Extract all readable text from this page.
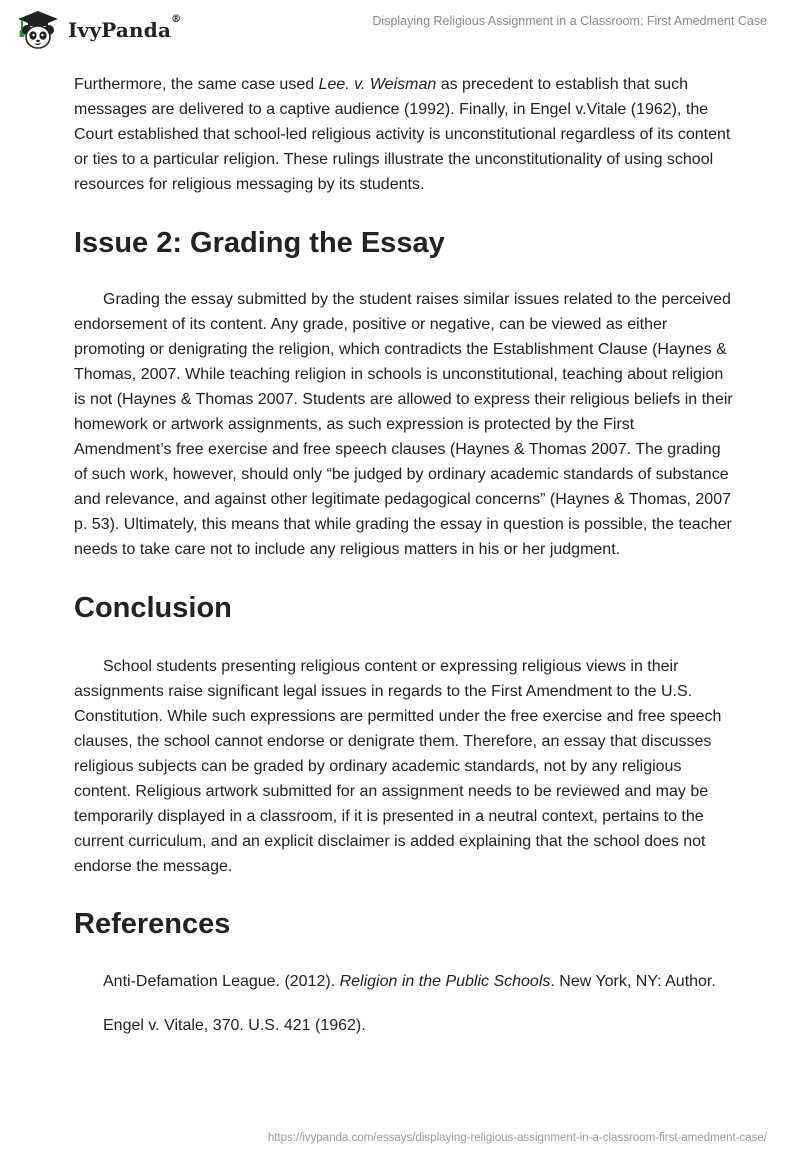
IvyPanda®	Displaying Religious Assignment in a Classroom: First Amedment Case

Furthermore, the same case used Lee. v. Weisman as precedent to establish that such messages are delivered to a captive audience (1992). Finally, in Engel v.Vitale (1962), the Court established that school-led religious activity is unconstitutional regardless of its content or ties to a particular religion. These rulings illustrate the unconstitutionality of using school resources for religious messaging by its students.

Issue 2: Grading the Essay

Grading the essay submitted by the student raises similar issues related to the perceived endorsement of its content. Any grade, positive or negative, can be viewed as either promoting or denigrating the religion, which contradicts the Establishment Clause (Haynes & Thomas, 2007. While teaching religion in schools is unconstitutional, teaching about religion is not (Haynes & Thomas 2007. Students are allowed to express their religious beliefs in their homework or artwork assignments, as such expression is protected by the First Amendment’s free exercise and free speech clauses (Haynes & Thomas 2007. The grading of such work, however, should only “be judged by ordinary academic standards of substance and relevance, and against other legitimate pedagogical concerns” (Haynes & Thomas, 2007 p. 53). Ultimately, this means that while grading the essay in question is possible, the teacher needs to take care not to include any religious matters in his or her judgment.

Conclusion

School students presenting religious content or expressing religious views in their assignments raise significant legal issues in regards to the First Amendment to the U.S. Constitution. While such expressions are permitted under the free exercise and free speech clauses, the school cannot endorse or denigrate them. Therefore, an essay that discusses religious subjects can be graded by ordinary academic standards, not by any religious content. Religious artwork submitted for an assignment needs to be reviewed and may be temporarily displayed in a classroom, if it is presented in a neutral context, pertains to the current curriculum, and an explicit disclaimer is added explaining that the school does not endorse the message.

References

Anti-Defamation League. (2012). Religion in the Public Schools. New York, NY: Author.

Engel v. Vitale, 370. U.S. 421 (1962).

https://ivypanda.com/essays/displaying-religious-assignment-in-a-classroom-first-amedment-case/
